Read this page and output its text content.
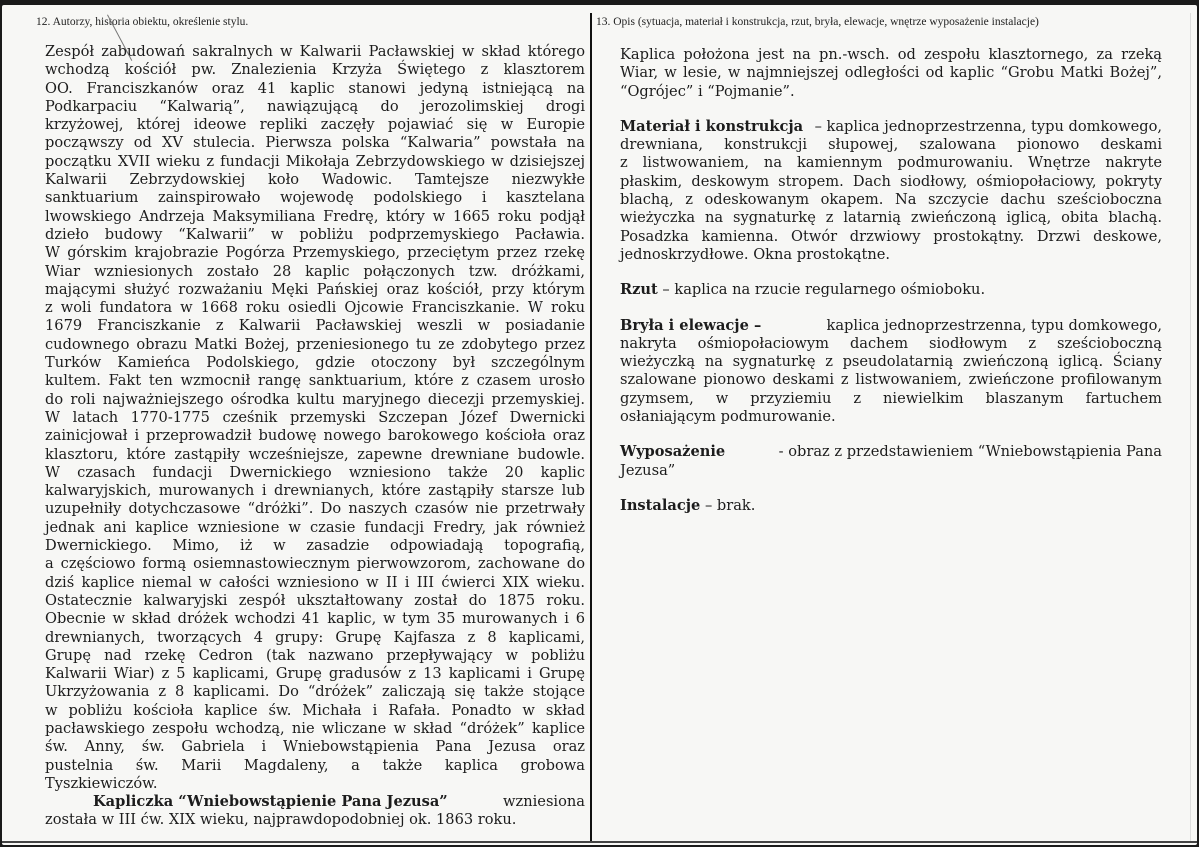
12. Autorzy, historia obiektu, określenie stylu.	13. Opis (sytuacja, materiał i konstrukcja, rzut, bryła, elewacje, wnętrze wyposażenie instalacje)
Zespół zabudowań sakralnych w Kalwarii Pacławskiej w skład którego
wchodzą kościół pw. Znalezienia Krzyża Świętego z klasztorem
OO. Franciszkanów oraz 41 kaplic stanowi jedyną istniejącą na
Podkarpaciu “Kalwarią”, nawiązującą do jerozolimskiej drogi
krzyżowej, której ideowe repliki zaczęły pojawiać się w Europie
począwszy od XV stulecia. Pierwsza polska “Kalwaria” powstała na
początku XVII wieku z fundacji Mikołaja Zebrzydowskiego w dzisiejszej
Kalwarii Zebrzydowskiej koło Wadowic. Tamtejsze niezwykłe
sanktuarium zainspirowało wojewodę podolskiego i kasztelana
lwowskiego Andrzeja Maksymiliana Fredrę, który w 1665 roku podjął
dzieło budowy “Kalwarii” w pobliżu podprzemyskiego Pacławia.
W górskim krajobrazie Pogórza Przemyskiego, przeciętym przez rzekę
Wiar wzniesionych zostało 28 kaplic połączonych tzw. dróżkami,
mającymi służyć rozważaniu Męki Pańskiej oraz kościół, przy którym
z woli fundatora w 1668 roku osiedli Ojcowie Franciszkanie. W roku
1679 Franciszkanie z Kalwarii Pacławskiej weszli w posiadanie
cudownego obrazu Matki Bożej, przeniesionego tu ze zdobytego przez
Turków Kamieńca Podolskiego, gdzie otoczony był szczególnym
kultem. Fakt ten wzmocnił rangę sanktuarium, które z czasem urosło
do roli najważniejszego ośrodka kultu maryjnego diecezji przemyskiej.
W latach 1770-1775 cześnik przemyski Szczepan Józef Dwernicki
zainicjował i przeprowadził budowę nowego barokowego kościoła oraz
klasztoru, które zastąpiły wcześniejsze, zapewne drewniane budowle.
W czasach fundacji Dwernickiego wzniesiono także 20 kaplic
kalwaryjskich, murowanych i drewnianych, które zastąpiły starsze lub
uzupełniły dotychczasowe “dróżki”. Do naszych czasów nie przetrwały
jednak ani kaplice wzniesione w czasie fundacji Fredry, jak również
Dwernickiego. Mimo, iż w zasadzie odpowiadają topografią,
a częściowo formą osiemnastowiecznym pierwowzorom, zachowane do
dziś kaplice niemal w całości wzniesiono w II i III ćwierci XIX wieku.
Ostatecznie kalwaryjski zespół ukształtowany został do 1875 roku.
Obecnie w skład dróżek wchodzi 41 kaplic, w tym 35 murowanych i 6
drewnianych, tworzących 4 grupy: Grupę Kajfasza z 8 kaplicami,
Grupę nad rzekę Cedron (tak nazwano przepływający w pobliżu
Kalwarii Wiar) z 5 kaplicami, Grupę gradusów z 13 kaplicami i Grupę
Ukrzyżowania z 8 kaplicami. Do “dróżek” zaliczają się także stojące
w pobliżu kościoła kaplice św. Michała i Rafała. Ponadto w skład
pacławskiego zespołu wchodzą, nie wliczane w skład “dróżek” kaplice
św. Anny, św. Gabriela i Wniebowstąpienia Pana Jezusa oraz
pustelnia św. Marii Magdaleny, a także kaplica grobowa
Tyszkiewiczów.
Kapliczka “Wniebowstąpienie Pana Jezusa”	wzniesiona
została w III ćw. XIX wieku, najprawdopodobniej ok. 1863 roku.
Kaplica położona jest na pn.-wsch. od zespołu klasztornego, za rzeką
Wiar, w lesie, w najmniejszej odległości od kaplic “Grobu Matki Bożej”,
“Ogrójec” i “Pojmanie”.
Materiał i konstrukcja – kaplica jednoprzestrzenna, typu domkowego,
drewniana, konstrukcji słupowej, szalowana pionowo deskami
z listwowaniem, na kamiennym podmurowaniu. Wnętrze nakryte
płaskim, deskowym stropem. Dach siodłowy, ośmiopołaciowy, pokryty
blachą, z odeskowanym okapem. Na szczycie dachu sześcioboczna
wieżyczka na sygnaturkę z latarnią zwieńczoną iglicą, obita blachą.
Posadzka kamienna. Otwór drzwiowy prostokątny. Drzwi deskowe,
jednoskrzydłowe. Okna prostokątne.
Rzut – kaplica na rzucie regularnego ośmioboku.
Bryła i elewacje –	kaplica jednoprzestrzenna, typu domkowego,
nakryta ośmiopołaciowym dachem siodłowym z sześcioboczną
wieżyczką na sygnaturkę z pseudolatarnią zwieńczoną iglicą. Ściany
szalowane pionowo deskami z listwowaniem, zwieńczone profilowanym
gzymsem, w przyziemiu z niewielkim blaszanym fartuchem
osłaniającym podmurowanie.
Wyposażenie	- obraz z przedstawieniem “Wniebowstąpienia Pana
Jezusa”
Instalacje – brak.
